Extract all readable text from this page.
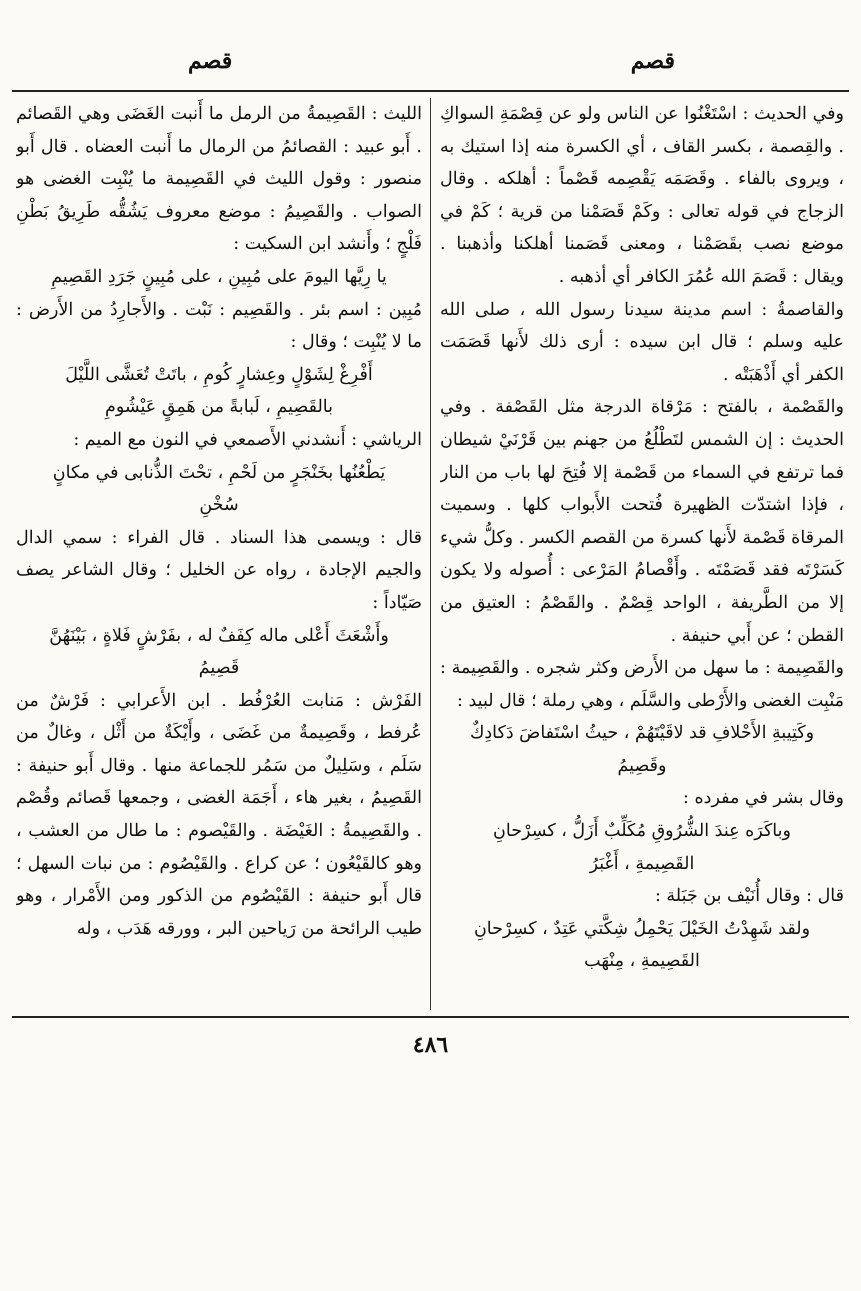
قصم
قصم

وفي الحديث : اسْتَغْنُوا عن الناس ولو عن قِصْمَةِ السواكِ . والقِصمة ، بكسر القاف ، أي الكسرة منه إذا استيك به ، ويروى بالفاء . وقَصَمَه يَقْصِمه قَصْماً : أهلكه . وقال الزجاج في قوله تعالى : وكَمْ قَصَمْنا من قرية ؛ كَمْ في موضع نصب بقَصَمْنا ، ومعنى قَصَمنا أهلكنا وأذهبنا . ويقال : قَصَمَ الله عُمُرَ الكافر أي أذهبه .

والقاصمةُ : اسم مدينة سيدنا رسول الله ، صلى الله عليه وسلم ؛ قال ابن سيده : أرى ذلك لأَنها قَصَمَت الكفر أي أَذْهَبَتْه .

والقَصْمة ، بالفتح : مَرْقاة الدرجة مثل القَصْفة . وفي الحديث : إن الشمس لتَطْلُعُ من جهنم بين قَرْنَيْ شيطان فما ترتفع في السماء من قَصْمة إلا فُتِحَ لها باب من النار ، فإذا اشتدّت الظهيرة فُتحت الأَبواب كلها . وسميت المرقاة قَصْمة لأَنها كسرة من القصم الكسر . وكلُّ شيء كَسَرْتَه فقد قَصَمْتَه . وأَقْصامُ المَرْعى : أُصوله ولا يكون إلا من الطَّريفة ، الواحد قِصْمٌ . والقَصْمُ : العتيق من القطن ؛ عن أَبي حنيفة .

والقَصِيمة : ما سهل من الأَرض وكثر شجره . والقَصِيمة : مَنْبِت الغضى والأَرْطى والسَّلَم ، وهي رملة ؛ قال لبيد :

وكَتِيبةِ الأَحْلافِ قد لاقَيْتَهُمْ ، حيثُ اسْتَفاضَ دَكادِكٌ وقَصِيمُ

وقال بشر في مفرده :

وباكَرَه عِندَ الشُّرُوقِ مُكَلِّبٌ أَزَلُّ ، كسِرْحانِ القَصِيمةِ ، أَغْبَرُ

قال : وقال أُنَيْف بن جَبَلة :

ولقد شَهِدْتُ الخَيْلَ يَحْمِلُ شِكَّتي عَتِدٌ ، كسِرْحانِ القَصِيمةِ ، مِنْهَب

الليث : القَصِيمةُ من الرمل ما أَنبت الغَضَى وهي القَصائم . أَبو عبيد : القصائمُ من الرمال ما أَنبت العضاه . قال أَبو منصور : وقول الليث في القَصِيمة ما يُنْبِت الغضى هو الصواب . والقَصِيمُ : موضع معروف يَشُقُّه طَرِيقُ بَطْنِ فَلْجٍ ؛ وأَنشد ابن السكيت :

يا رِيَّها اليومَ على مُبِينِ ، على مُبِينٍ جَرَدِ القَصِيمِ

مُبِين : اسم بئر . والقَصِيم : نَبْت . والأَجارِدُ من الأَرض : ما لا يُنْبِت ؛ وقال :

أَفْرِغْ لِشَوْلٍ وعِشارٍ كُومِ ، باتَتْ تُعَشَّى اللَّيْلَ بالقَصِيمِ ، لَبابةً من هَمِقٍ عَيْشُومِ

الرياشي : أَنشدني الأَصمعي في النون مع الميم :

يَطْعُنُها بخَنْجَرٍ من لَحْمِ ، تحْتَ الذُّنابى في مكانٍ سُخْنِ

قال : ويسمى هذا السناد . قال الفراء : سمي الدال والجيم الإجادة ، رواه عن الخليل ؛ وقال الشاعر يصف صَيّاداً :

وأَشْعَثَ أَعْلى ماله كِفَفٌ له ، بفَرْشٍ فَلاةٍ ، بَيْنَهُنَّ قَصِيمُ

الفَرْش : مَنابت العُرْفُط . ابن الأَعرابي : فَرْشٌ من عُرفط ، وقَصِيمةٌ من غَضَى ، وأَيْكَةٌ من أَثْل ، وغالٌ من سَلَم ، وسَلِيلٌ من سَمُر للجماعة منها . وقال أَبو حنيفة : القَصِيمُ ، بغير هاء ، أَجَمَة الغضى ، وجمعها قَصائم وقُصْم . والقَصِيمةُ : الغَيْضَة . والقَيْصوم : ما طال من العشب ، وهو كالقَيْعُون ؛ عن كراع . والقَيْصُوم : من نبات السهل ؛ قال أَبو حنيفة : القَيْصُوم من الذكور ومن الأَمْرار ، وهو طيب الرائحة من رَياحين البر ، وورقه هَدَب ، وله

٤٨٦
